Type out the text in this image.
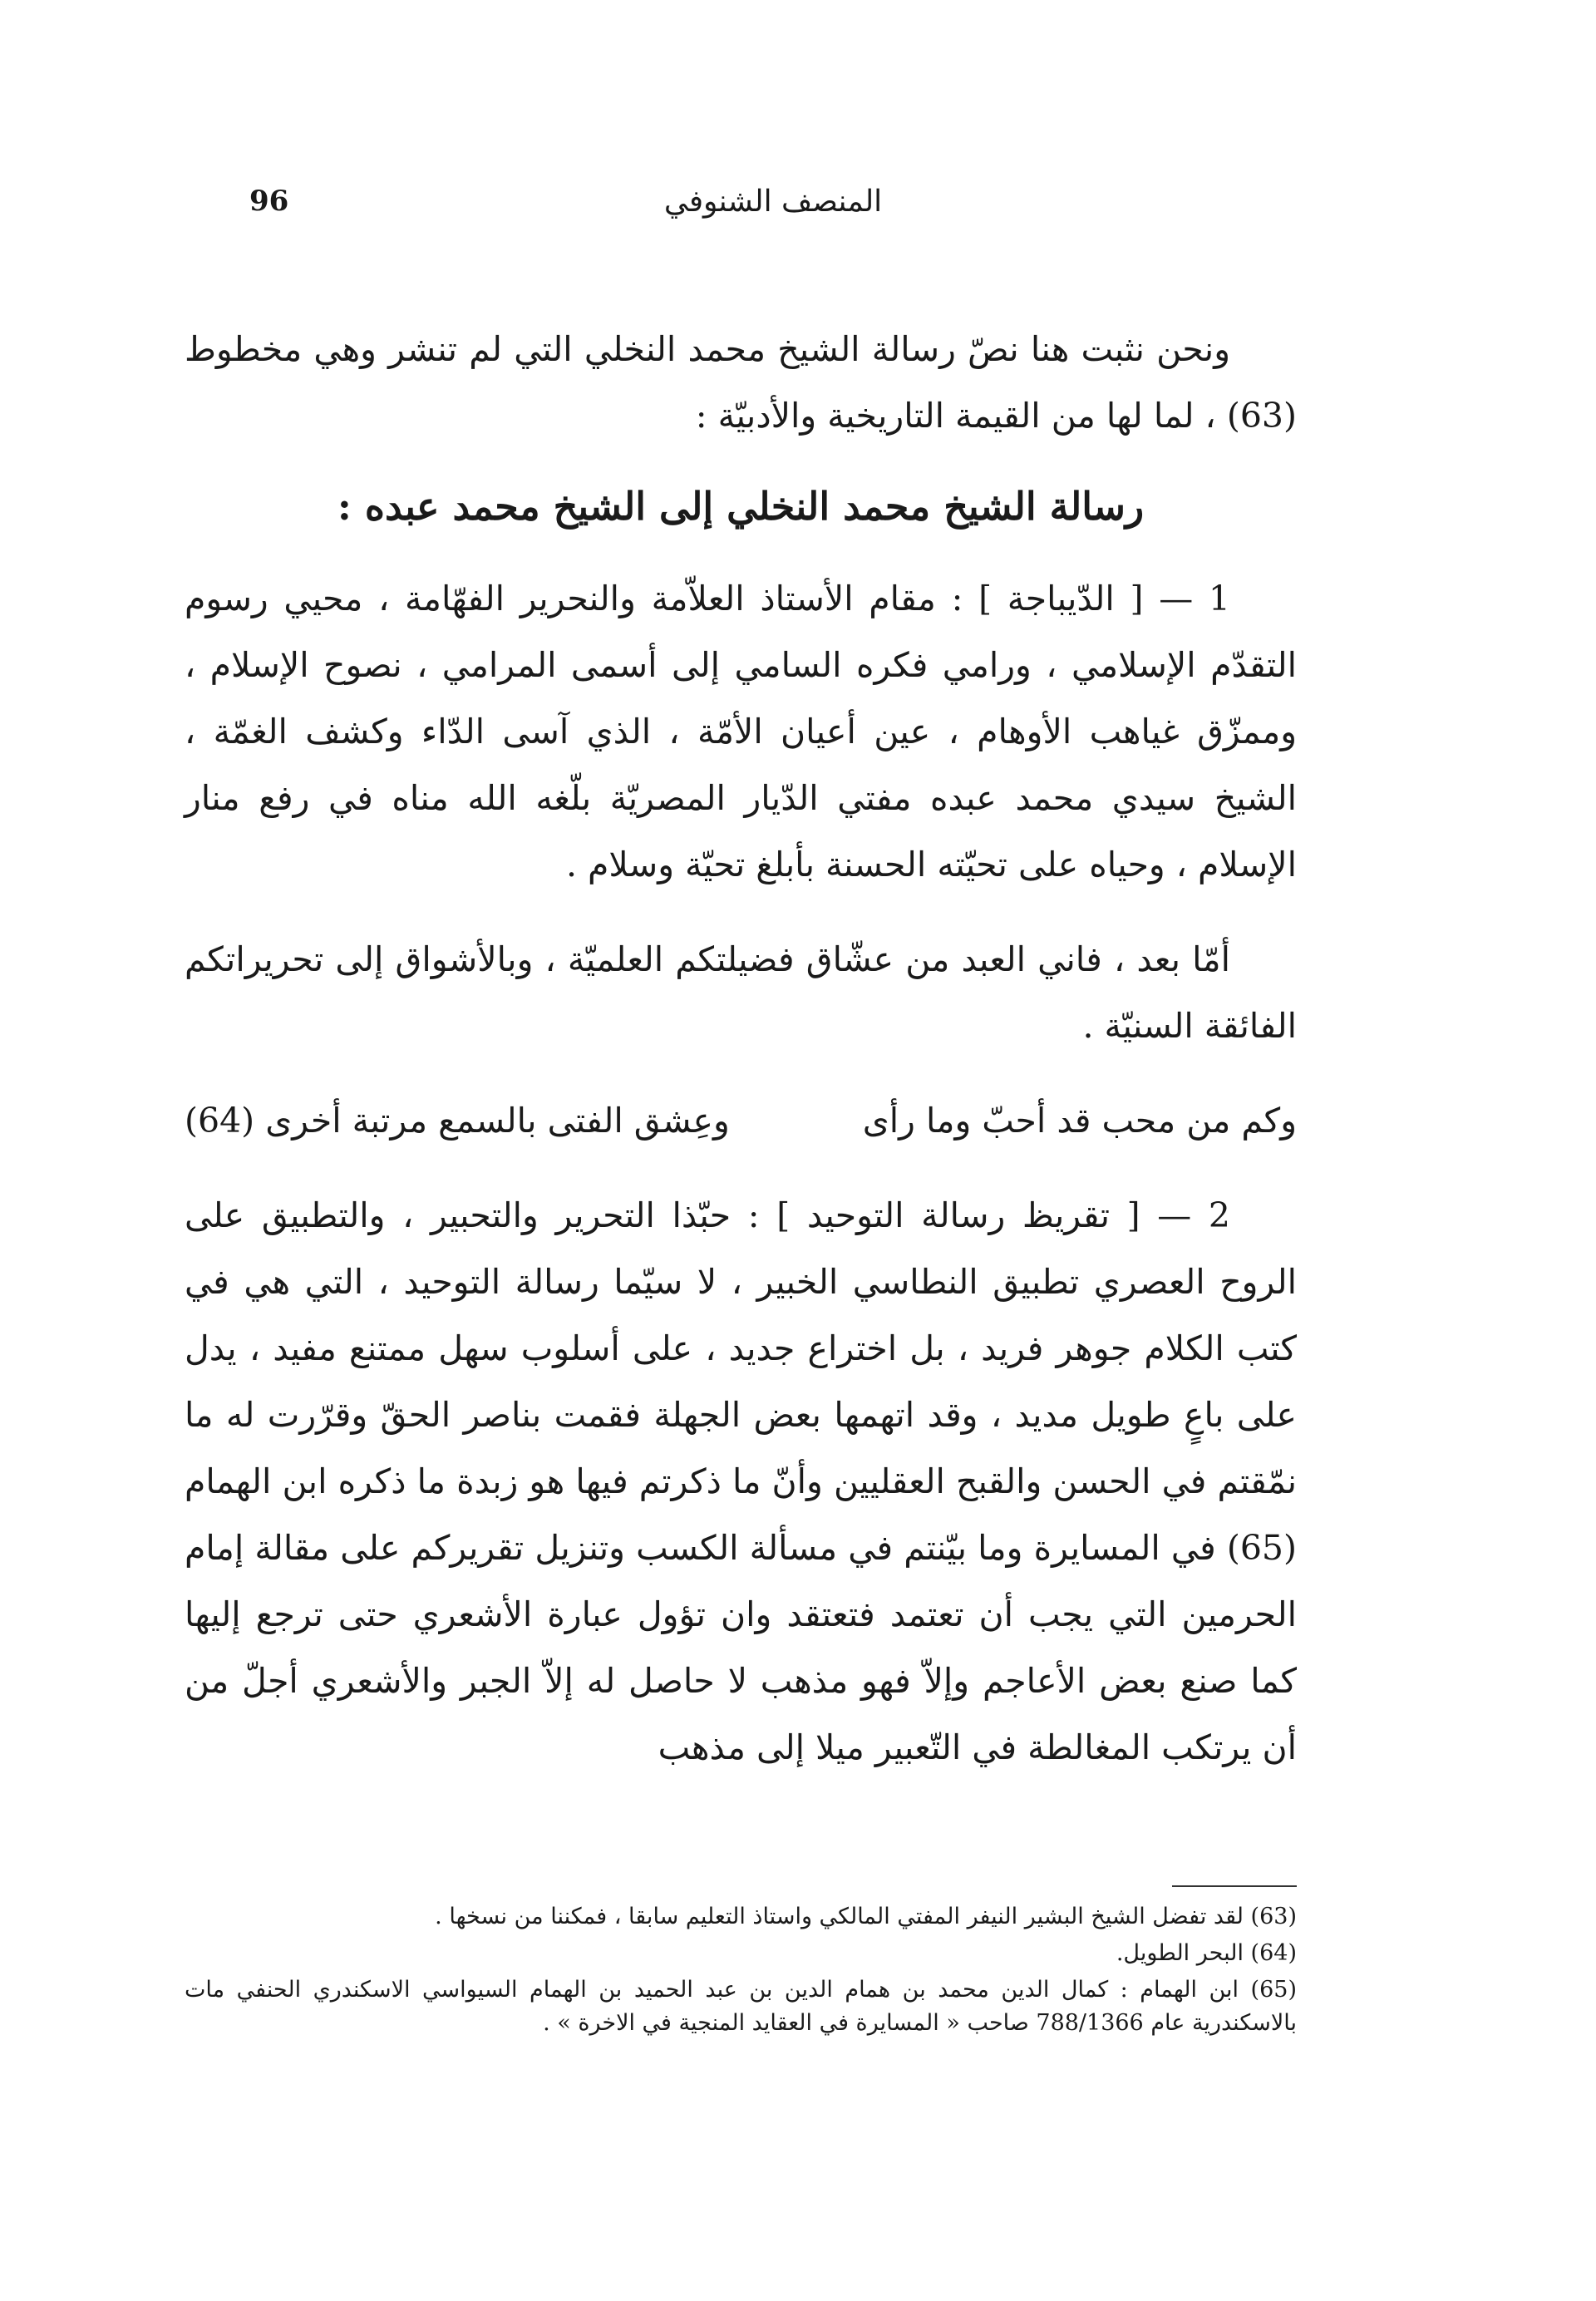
96	المنصف الشنوفي

ونحن نثبت هنا نصّ رسالة الشيخ محمد النخلي التي لم تنشر وهي مخطوط (63) ، لما لها من القيمة التاريخية والأدبيّة :

رسالة الشيخ محمد النخلي إلى الشيخ محمد عبده :

1 — [ الدّيباجة ] : مقام الأستاذ العلاّمة والنحرير الفهّامة ، محيي رسوم التقدّم الإسلامي ، ورامي فكره السامي إلى أسمى المرامي ، نصوح الإسلام ، وممزّق غياهب الأوهام ، عين أعيان الأمّة ، الذي آسى الدّاء وكشف الغمّة ، الشيخ سيدي محمد عبده مفتي الدّيار المصريّة بلّغه الله مناه في رفع منار الإسلام ، وحياه على تحيّته الحسنة بأبلغ تحيّة وسلام .

أمّا بعد ، فاني العبد من عشّاق فضيلتكم العلميّة ، وبالأشواق إلى تحريراتكم الفائقة السنيّة .

وكم من محب قد أحبّ وما رأى
وعِشق الفتى بالسمع مرتبة أخرى (64)

2 — [ تقريظ رسالة التوحيد ] : حبّذا التحرير والتحبير ، والتطبيق على الروح العصري تطبيق النطاسي الخبير ، لا سيّما رسالة التوحيد ، التي هي في كتب الكلام جوهر فريد ، بل اختراع جديد ، على أسلوب سهل ممتنع مفيد ، يدل على باعٍ طويل مديد ، وقد اتهمها بعض الجهلة فقمت بناصر الحقّ وقرّرت له ما نمّقتم في الحسن والقبح العقليين وأنّ ما ذكرتم فيها هو زبدة ما ذكره ابن الهمام (65) في المسايرة وما بيّنتم في مسألة الكسب وتنزيل تقريركم على مقالة إمام الحرمين التي يجب أن تعتمد فتعتقد وان تؤول عبارة الأشعري حتى ترجع إليها كما صنع بعض الأعاجم وإلاّ فهو مذهب لا حاصل له إلاّ الجبر والأشعري أجلّ من أن يرتكب المغالطة في التّعبير ميلا إلى مذهب

(63) لقد تفضل الشيخ البشير النيفر المفتي المالكي واستاذ التعليم سابقا ، فمكننا من نسخها .

(64) البحر الطويل.

(65) ابن الهمام : كمال الدين محمد بن همام الدين بن عبد الحميد بن الهمام السيواسي الاسكندري الحنفي مات بالاسكندرية عام 788/1366 صاحب « المسايرة في العقايد المنجية في الاخرة » .
